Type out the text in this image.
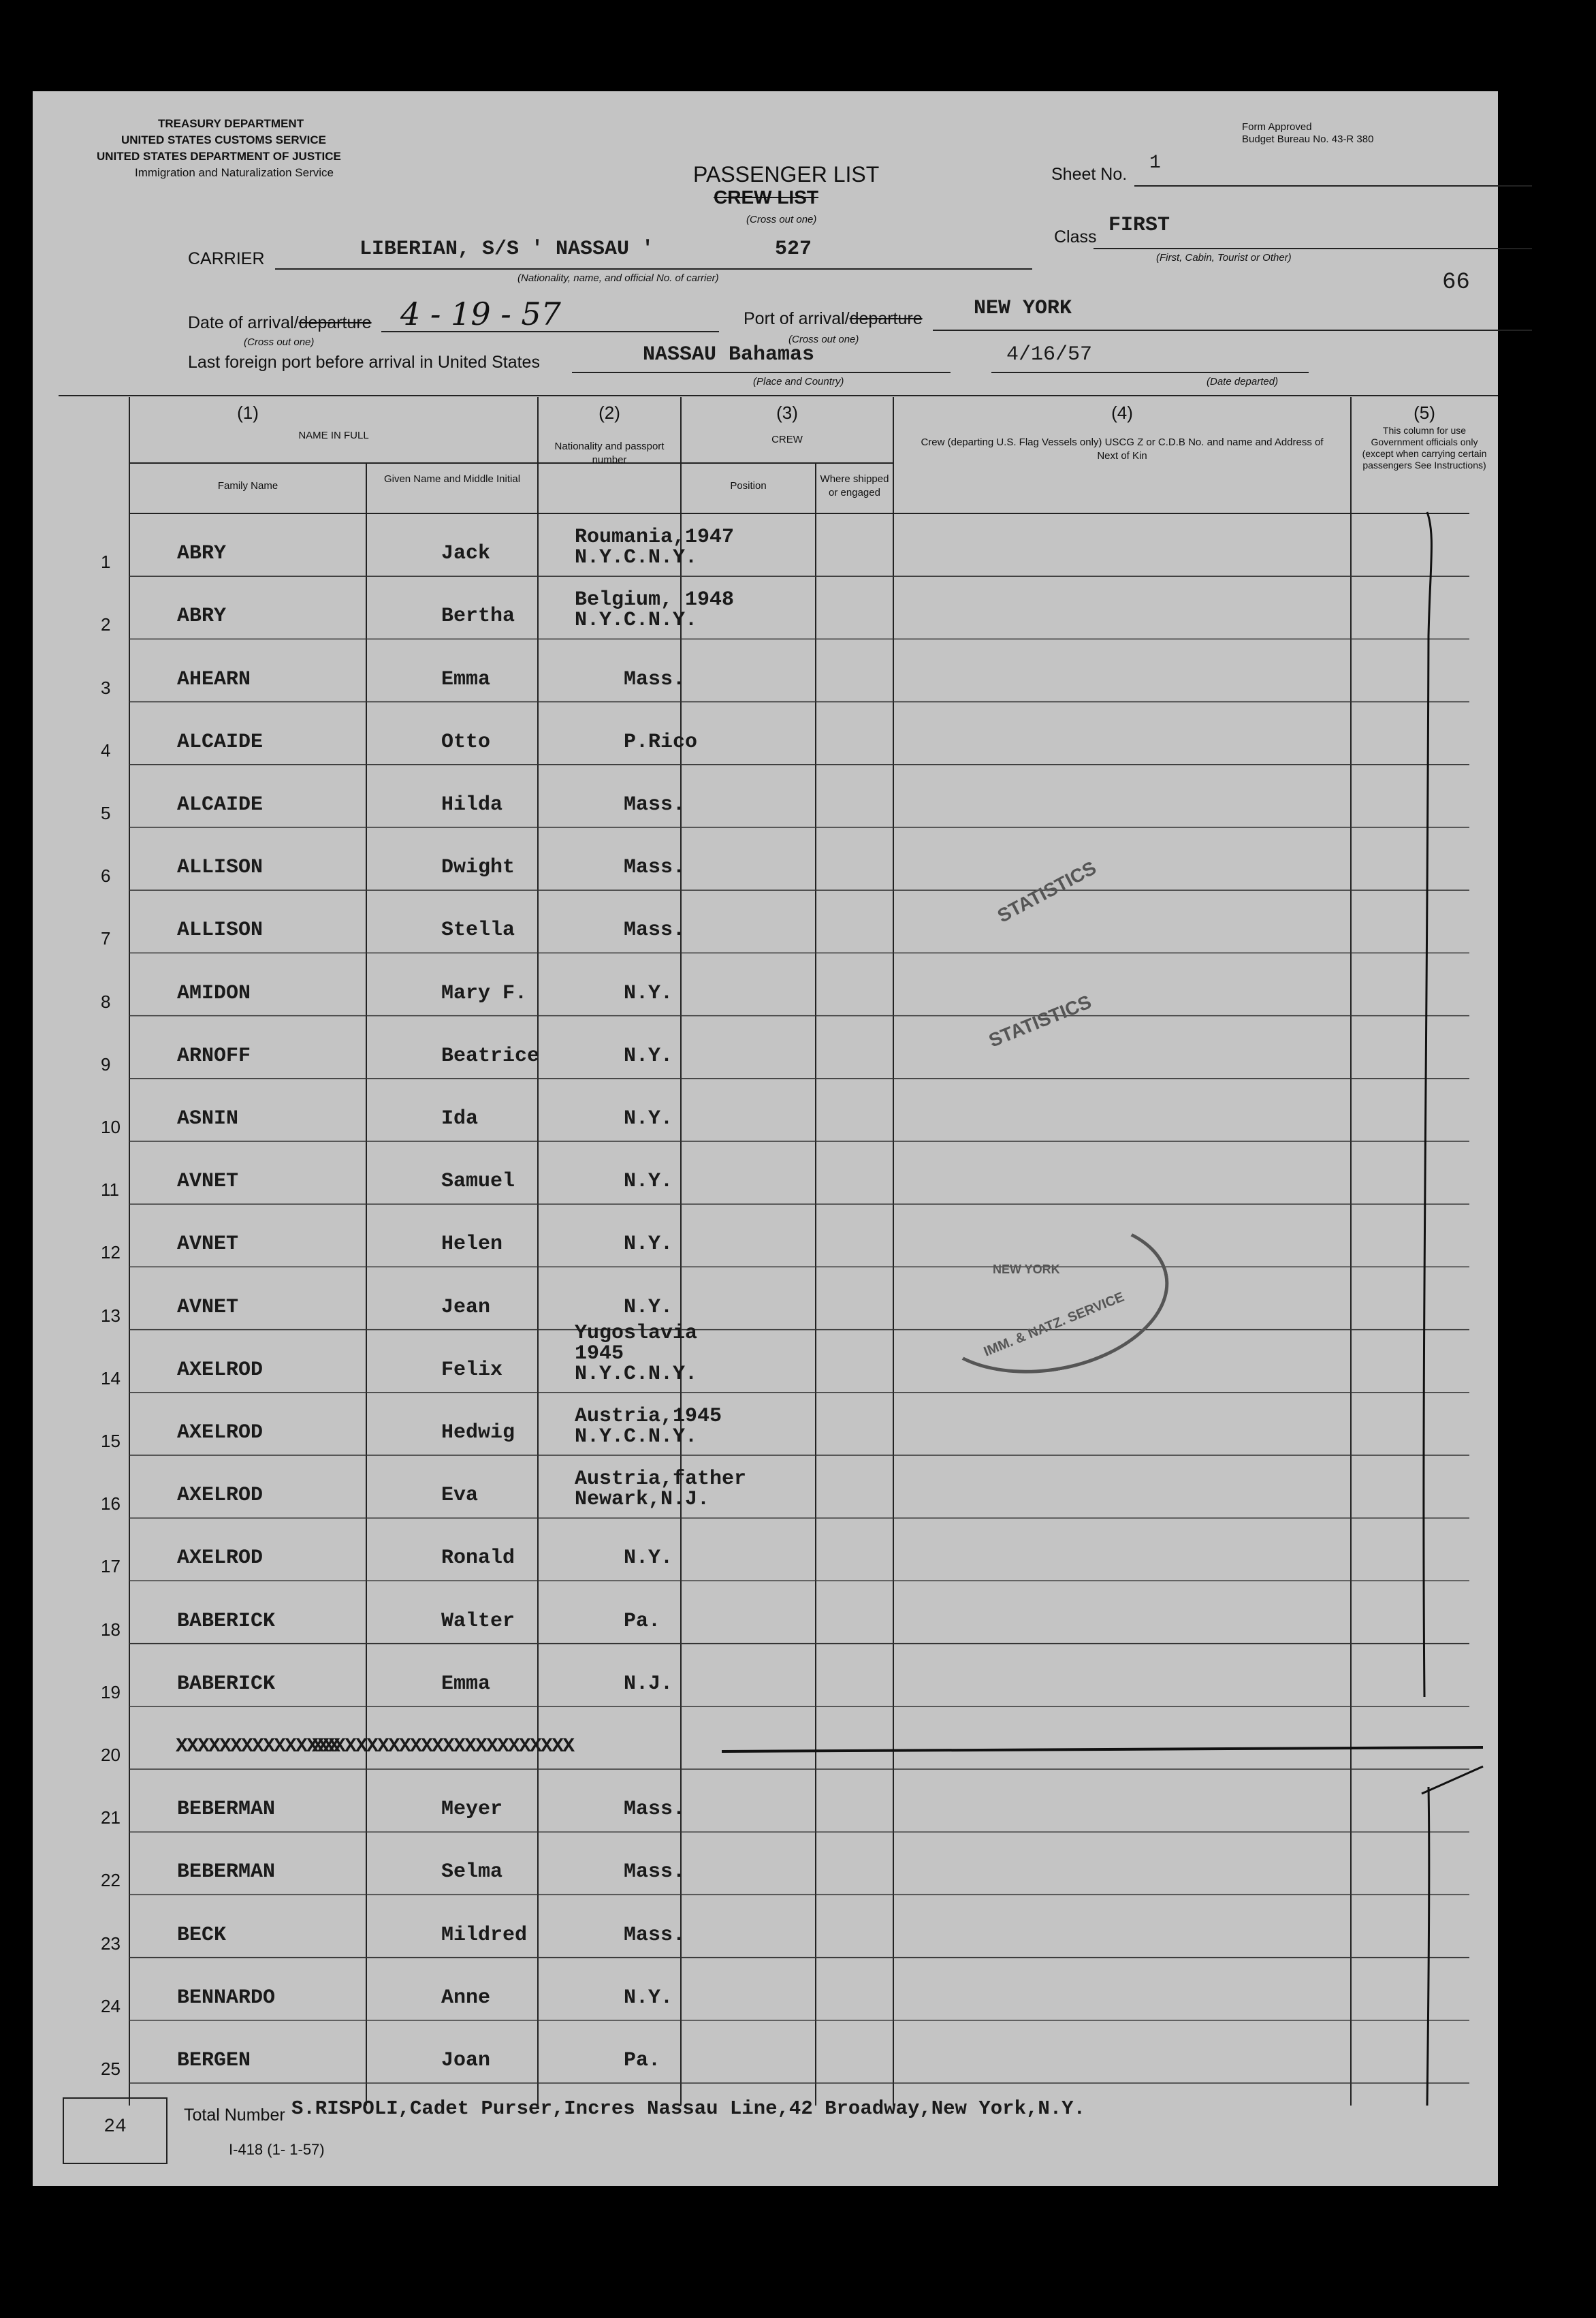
TREASURY DEPARTMENT
UNITED STATES CUSTOMS SERVICE
UNITED STATES DEPARTMENT OF JUSTICE
Immigration and Naturalization Service
Form Approved
Budget Bureau No. 43-R 380
PASSENGER LIST
CREW LIST
(Cross out one)
Sheet No.
1
Class FIRST
(First, Cabin, Tourist or Other)
CARRIER	LIBERIAN, S/S ' NASSAU '	527
(Nationality, name, and official No. of carrier)	66
Date of arrival/departure 4 - 19 - 57
(Cross out one)
Port of arrival/departure	NEW YORK
(Cross out one)
Last foreign port before arrival in United States	NASSAU Bahamas
(Place and Country)
4/16/57
(Date departed)
(1)
NAME IN FULL
Family Name
Given Name and Middle Initial
(2)
Nationality and passport number
(3)
CREW
Position
Where shipped or engaged
(4)
Crew (departing U.S. Flag Vessels only) USCG Z or C.D.B No. and name and Address of Next of Kin
(5)
This column for use Government officials only (except when carrying certain passengers See Instructions)
1	ABRY	Jack
Roumania,1947
N.Y.C.N.Y.
2	ABRY	Bertha
Belgium, 1948
N.Y.C.N.Y.
3	AHEARN	Emma	Mass.
4	ALCAIDE	Otto	P.Rico
5	ALCAIDE	Hilda	Mass.
6	ALLISON	Dwight	Mass.
7	ALLISON	Stella	Mass.
8	AMIDON	Mary F.	N.Y.
9	ARNOFF	Beatrice	N.Y.
10	ASNIN	Ida	N.Y.
11	AVNET	Samuel	N.Y.
12	AVNET	Helen	N.Y.
13	AVNET	Jean	N.Y.
14	AXELROD	Felix
Yugoslavia
1945
N.Y.C.N.Y.
15	AXELROD	Hedwig
Austria,1945
N.Y.C.N.Y.
16	AXELROD	Eva
Austria,father
Newark,N.J.
17	AXELROD	Ronald	N.Y.
18	BABERICK	Walter	Pa.
19	BABERICK	Emma	N.J.
20	XXXXXXXXXXXXXXX
XXXXXXXXXXXXXXXXXXXXXXXX
21	BEBERMAN	Meyer	Mass.
22	BEBERMAN	Selma	Mass.
23	BECK	Mildred	Mass.
24	BENNARDO	Anne	N.Y.
25	BERGEN	Joan	Pa.
STATISTICS
STATISTICS
NEW YORK
IMM. & NATZ. SERVICE
24
Total Number S.RISPOLI,Cadet Purser,Incres Nassau Line,42 Broadway,New York,N.Y.
I-418 (1- 1-57)
